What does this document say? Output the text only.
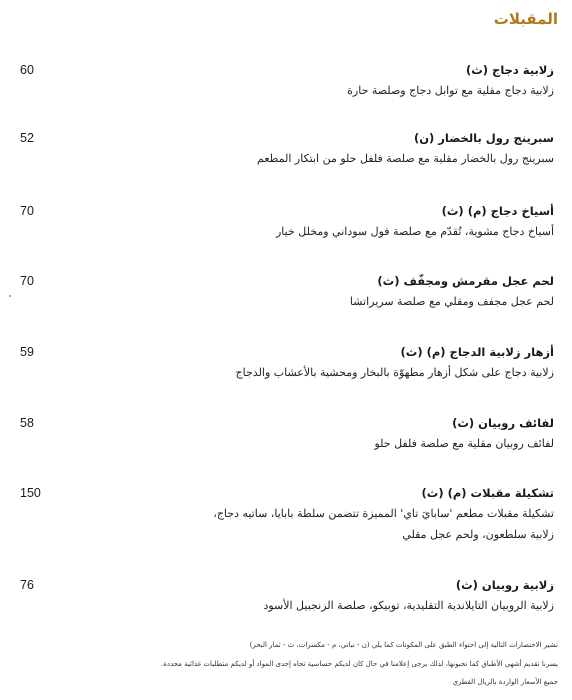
المقبلات
زلابية دجاج (ث)
60
زلابية دجاج مقلية مع توابل دجاج وصلصة حارة
سبرينج رول بالخضار (ن)
52
سبرينج رول بالخضار مقلية مع صلصة فلفل حلو من ابتكار المطعم
أسياخ دجاج (م) (ث)
70
أسياخ دجاج مشوية، تُقدّم مع صلصة فول سوداني ومخلل خيار
لحم عجل مقرمش ومجفّف (ث)
70
لحم عجل مجفف ومقلي مع صلصة سريراتشا
أزهار زلابية الدجاج (م) (ث)
59
زلابية دجاج على شكل أزهار مطهوّة بالبخار ومحشية بالأعشاب والدجاج
لفائف روبيان (ث)
58
لفائف روبيان مقلية مع صلصة فلفل حلو
تشكيلة مقبلات (م) (ث)
150
تشكيلة مقبلات مطعم 'سابايَ تاي' المميزة تتضمن سلطة بابايا، ساتيه دجاج،
زلابية سلطعون، ولحم عجل مقلي
زلابية روبيان (ث)
76
زلابية الروبيان التايلاندية التقليدية، توبيكو، صلصة الزنجبيل الأسود
تشير الاختصارات التالية إلى احتواء الطبق على المكونات كما يلي (ن - نباتي، م - مكسرات، ث - ثمار البحر)
يسرنا تقديم أشهى الأطباق كما تحبونها، لذلك يرجى إعلامنا في حال كان لديكم حساسية تجاه إحدى المواد أو لديكم متطلبات غذائية محددة.
جميع الأسعار الواردة بالريال القطري
